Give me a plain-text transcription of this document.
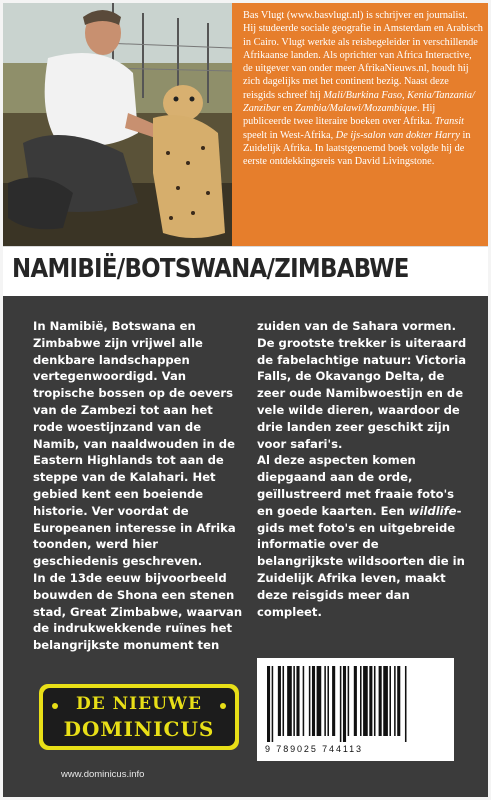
Bas Vlugt (www.basvlugt.nl) is schrijver en journalist. Hij studeerde sociale geografie in Amsterdam en Arabisch in Cairo. Vlugt werkte als reisbegeleider in verschillende Afrikaanse landen. Als oprichter van Africa Interactive, de uitgever van onder meer AfrikaNieuws.nl, houdt hij zich dagelijks met het continent bezig. Naast deze reisgids schreef hij Mali/Burkina Faso, Kenia/Tanzania/ Zanzibar en Zambia/Malawi/Mozambique. Hij publiceerde twee literaire boeken over Afrika. Transit speelt in West-Afrika, De ijs-salon van dokter Harry in Zuidelijk Afrika. In laatstgenoemd boek volgde hij de eerste ontdekkingsreis van David Livingstone.

NAMIBIË/BOTSWANA/ZIMBABWE

In Namibië, Botswana en Zimbabwe zijn vrijwel alle denkbare landschappen vertegenwoordigd. Van tropische bossen op de oevers van de Zambezi tot aan het rode woestijnzand van de Namib, van naaldwouden in de Eastern Highlands tot aan de steppe van de Kalahari. Het gebied kent een boeiende historie. Ver voordat de Europeanen interesse in Afrika toonden, werd hier geschiedenis geschreven.

In de 13de eeuw bijvoorbeeld bouwden de Shona een stenen stad, Great Zimbabwe, waarvan de indrukwekkende ruïnes het belangrijkste monument ten

zuiden van de Sahara vormen. De grootste trekker is uiteraard de fabelachtige natuur: Victoria Falls, de Okavango Delta, de zeer oude Namibwoestijn en de vele wilde dieren, waardoor de drie landen zeer geschikt zijn voor safari's.

Al deze aspecten komen diepgaand aan de orde, geïllustreerd met fraaie foto's en goede kaarten. Een wildlife-gids met foto's en uitgebreide informatie over de belangrijkste wildsoorten die in Zuidelijk Afrika leven, maakt deze reisgids meer dan compleet.

DE NIEUWE
DOMINICUS
www.dominicus.info
9 789025 744113
